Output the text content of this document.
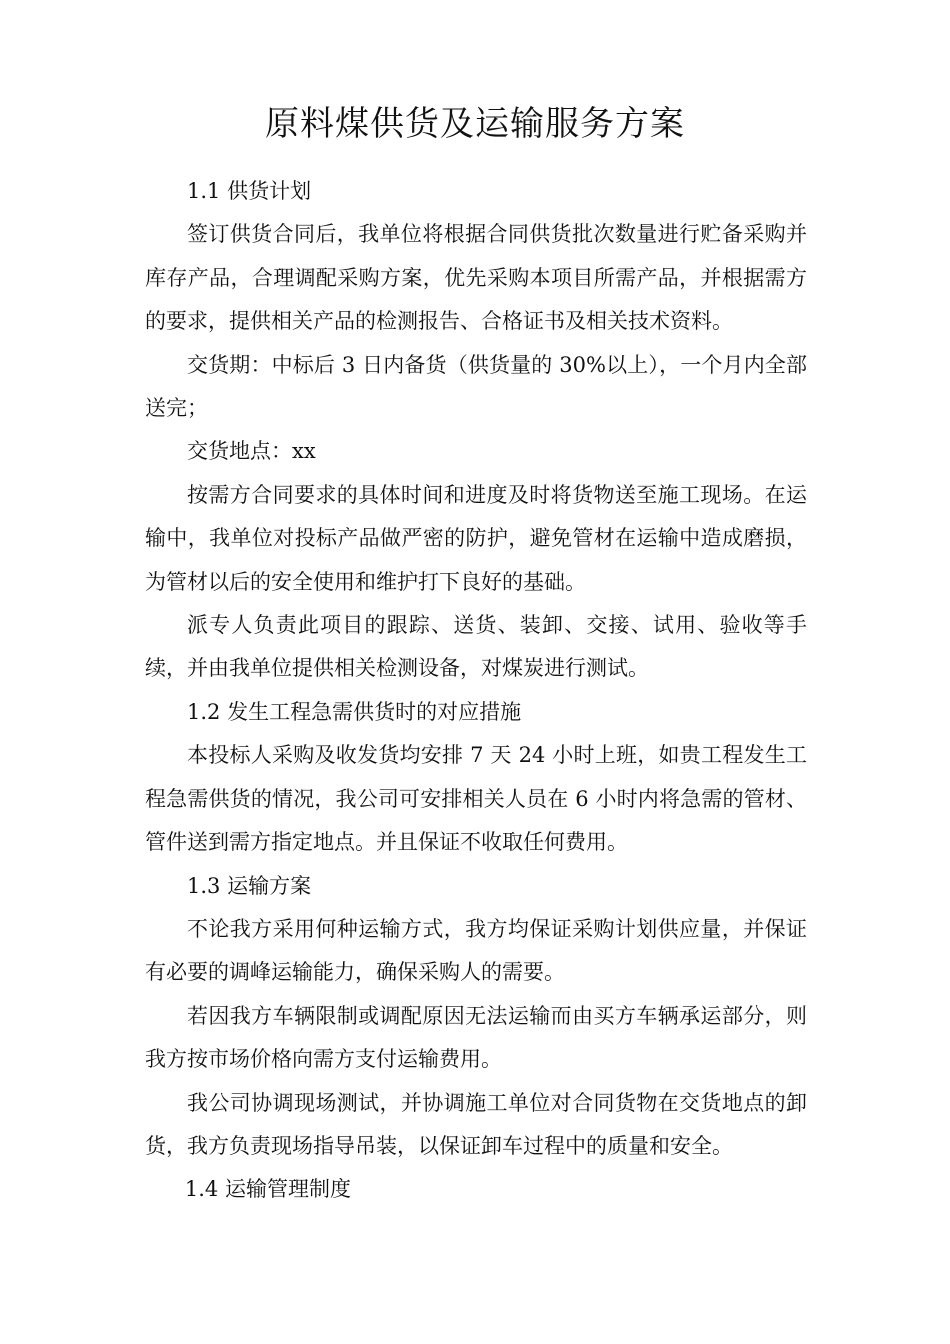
原料煤供货及运输服务方案

1.1 供货计划

签订供货合同后，我单位将根据合同供货批次数量进行贮备采购并库存产品，合理调配采购方案，优先采购本项目所需产品，并根据需方的要求，提供相关产品的检测报告、合格证书及相关技术资料。

交货期：中标后 3 日内备货（供货量的 30%以上），一个月内全部送完；

交货地点：xx

按需方合同要求的具体时间和进度及时将货物送至施工现场。在运输中，我单位对投标产品做严密的防护，避免管材在运输中造成磨损，为管材以后的安全使用和维护打下良好的基础。

派专人负责此项目的跟踪、送货、装卸、交接、试用、验收等手续，并由我单位提供相关检测设备，对煤炭进行测试。

1.2 发生工程急需供货时的对应措施

本投标人采购及收发货均安排 7 天 24 小时上班，如贵工程发生工程急需供货的情况，我公司可安排相关人员在 6 小时内将急需的管材、管件送到需方指定地点。并且保证不收取任何费用。

1.3 运输方案

不论我方采用何种运输方式，我方均保证采购计划供应量，并保证有必要的调峰运输能力，确保采购人的需要。

若因我方车辆限制或调配原因无法运输而由买方车辆承运部分，则我方按市场价格向需方支付运输费用。

我公司协调现场测试，并协调施工单位对合同货物在交货地点的卸货，我方负责现场指导吊装，以保证卸车过程中的质量和安全。

1.4 运输管理制度
